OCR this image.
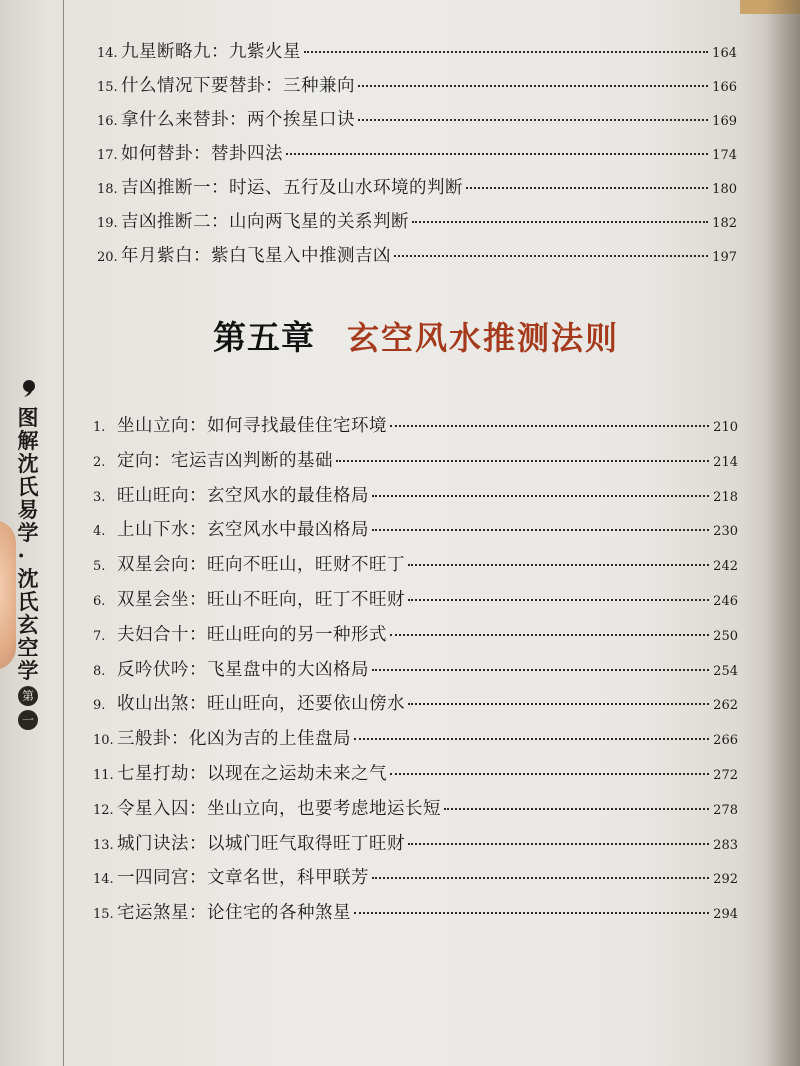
图
解
沈
氏
易
学
·
沈
氏
玄
空
学
第
一
14. 九星断略九：九紫火星	164
15. 什么情况下要替卦：三种兼向	166
16. 拿什么来替卦：两个挨星口诀	169
17. 如何替卦：替卦四法	174
18. 吉凶推断一：时运、五行及山水环境的判断	180
19. 吉凶推断二：山向两飞星的关系判断	182
20. 年月紫白：紫白飞星入中推测吉凶	197
第五章 玄空风水推测法则
1. 坐山立向：如何寻找最佳住宅环境	210
2. 定向：宅运吉凶判断的基础	214
3. 旺山旺向：玄空风水的最佳格局	218
4. 上山下水：玄空风水中最凶格局	230
5. 双星会向：旺向不旺山，旺财不旺丁	242
6. 双星会坐：旺山不旺向，旺丁不旺财	246
7. 夫妇合十：旺山旺向的另一种形式	250
8. 反吟伏吟：飞星盘中的大凶格局	254
9. 收山出煞：旺山旺向，还要依山傍水	262
10. 三般卦：化凶为吉的上佳盘局	266
11. 七星打劫：以现在之运劫未来之气	272
12. 令星入囚：坐山立向，也要考虑地运长短	278
13. 城门诀法：以城门旺气取得旺丁旺财	283
14. 一四同宫：文章名世，科甲联芳	292
15. 宅运煞星：论住宅的各种煞星	294
